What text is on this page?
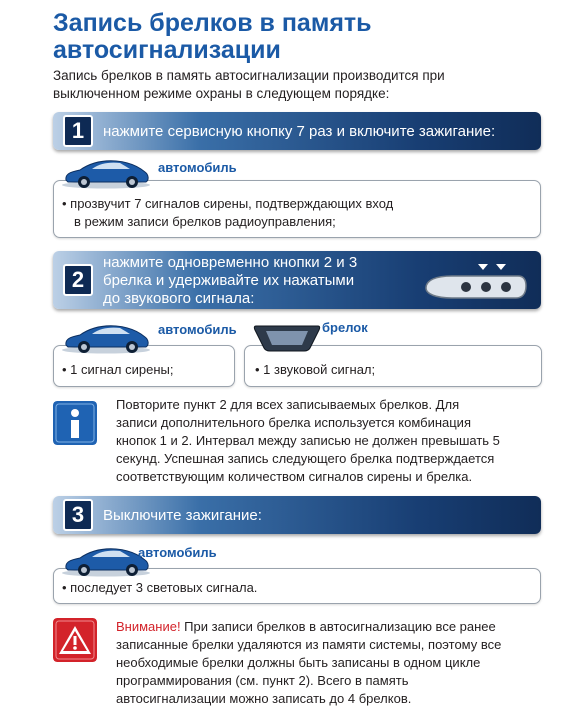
Запись брелков в память
автосигнализации
Запись брелков в память автосигнализации производится при
выключенном режиме охраны в следующем порядке:
1	нажмите сервисную кнопку 7 раз и включите зажигание:
• прозвучит 7 сигналов сирены, подтверждающих вход
в режим записи брелков радиоуправления;
автомобиль
2
нажмите одновременно кнопки 2 и 3
брелка и удерживайте их нажатыми
до звукового сигнала:
• 1 сигнал сирены;
автомобиль
• 1 звуковой сигнал;
брелок
Повторите пункт 2 для всех записываемых брелков. Для
записи дополнительного брелка используется комбинация
кнопок 1 и 2. Интервал между записью не должен превышать 5
секунд. Успешная запись следующего брелка подтверждается
соответствующим количеством сигналов сирены и брелка.
3	Выключите зажигание:
• последует 3 световых сигнала.
автомобиль
Внимание! При записи брелков в автосигнализацию все ранее
записанные брелки удаляются из памяти системы, поэтому все
необходимые брелки должны быть записаны в одном цикле
программирования (см. пункт 2). Всего в память
автосигнализации можно записать до 4 брелков.
